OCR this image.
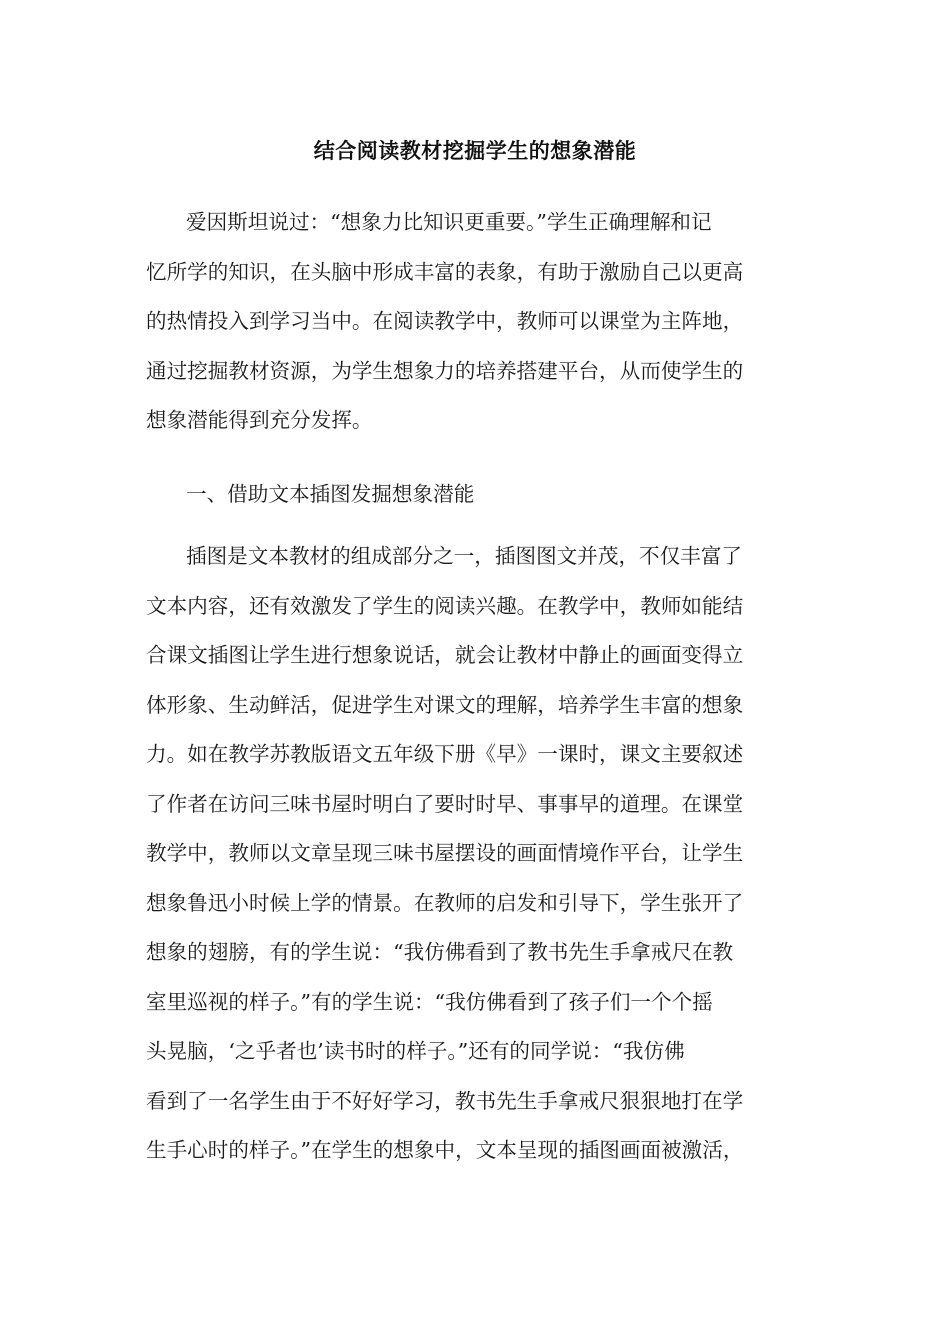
结合阅读教材挖掘学生的想象潜能
爱因斯坦说过：“想象力比知识更重要。”学生正确理解和记
忆所学的知识，在头脑中形成丰富的表象，有助于激励自己以更高
的热情投入到学习当中。在阅读教学中，教师可以课堂为主阵地，
通过挖掘教材资源，为学生想象力的培养搭建平台，从而使学生的
想象潜能得到充分发挥。
一、借助文本插图发掘想象潜能
插图是文本教材的组成部分之一，插图图文并茂，不仅丰富了
文本内容，还有效激发了学生的阅读兴趣。在教学中，教师如能结
合课文插图让学生进行想象说话，就会让教材中静止的画面变得立
体形象、生动鲜活，促进学生对课文的理解，培养学生丰富的想象
力。如在教学苏教版语文五年级下册《早》一课时，课文主要叙述
了作者在访问三味书屋时明白了要时时早、事事早的道理。在课堂
教学中，教师以文章呈现三味书屋摆设的画面情境作平台，让学生
想象鲁迅小时候上学的情景。在教师的启发和引导下，学生张开了
想象的翅膀，有的学生说：“我仿佛看到了教书先生手拿戒尺在教
室里巡视的样子。”有的学生说：“我仿佛看到了孩子们一个个摇
头晃脑，‘之乎者也’读书时的样子。”还有的同学说：“我仿佛
看到了一名学生由于不好好学习，教书先生手拿戒尺狠狠地打在学
生手心时的样子。”在学生的想象中，文本呈现的插图画面被激活，
